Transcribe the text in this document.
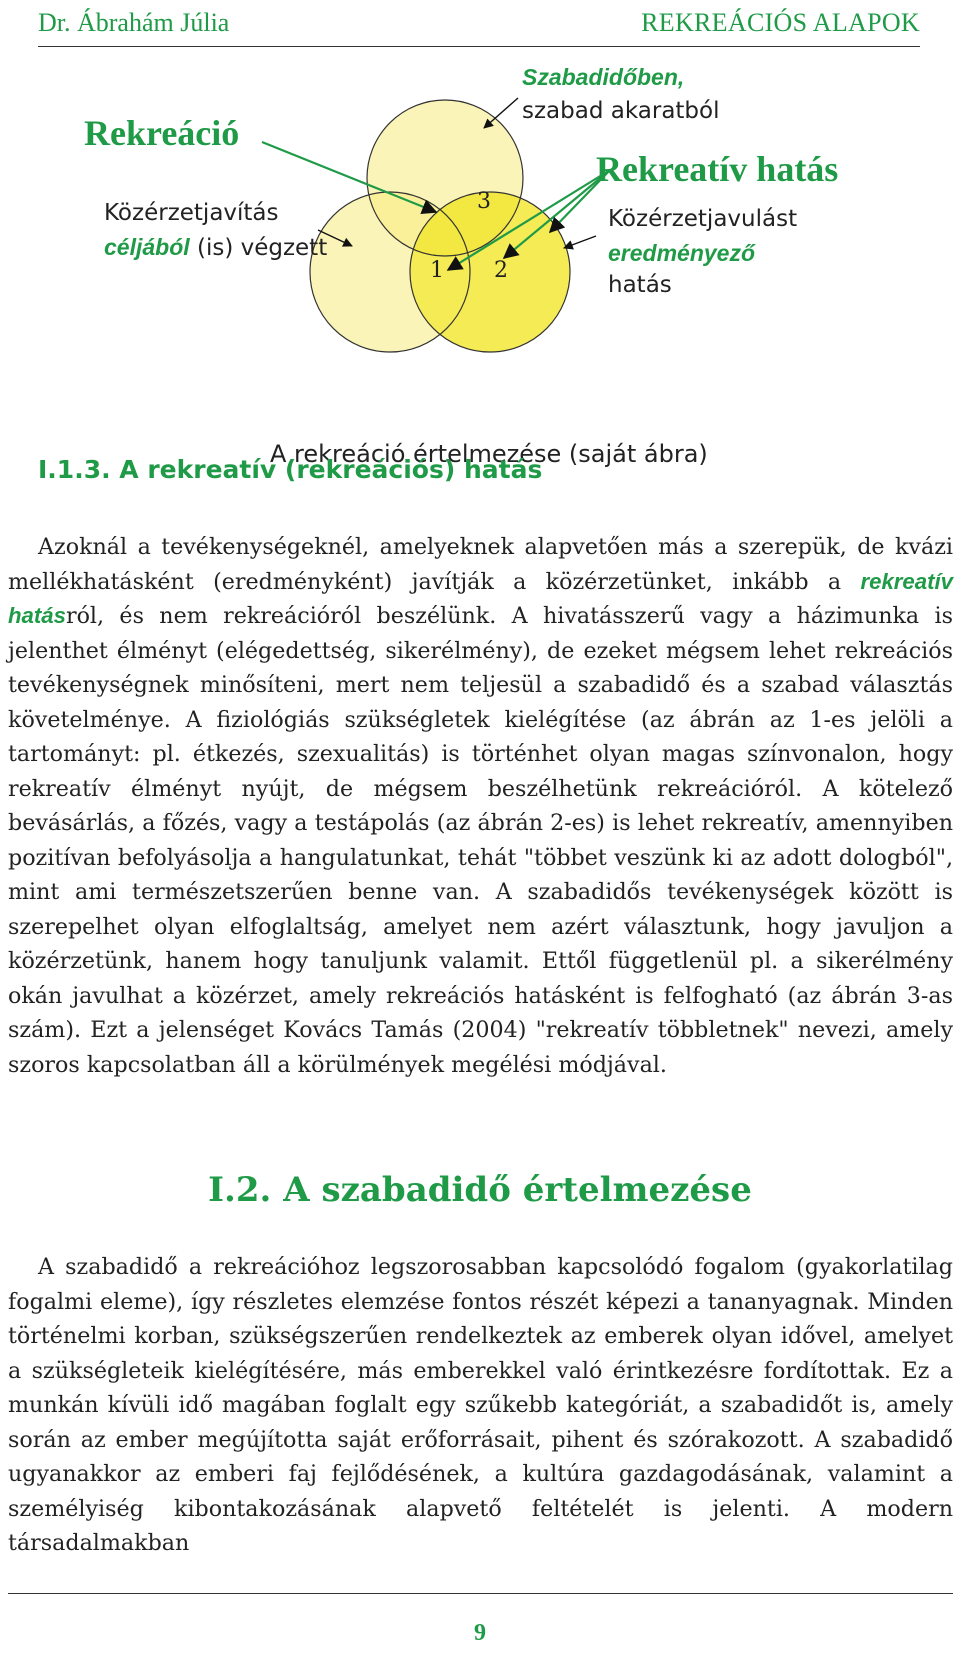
Dr. Ábrahám Júlia	REKREÁCIÓS ALAPOK
3
1 2
Rekreáció
Közérzetjavítás
céljából (is) végzett
Szabadidőben,
szabad akaratból
Rekreatív hatás
Közérzetjavulást
eredményező
hatás
A rekreáció értelmezése (saját ábra)
I.1.3. A rekreatív (rekreációs) hatás

Azoknál a tevékenységeknél, amelyeknek alapvetően más a szerepük, de kvázi mellékhatásként (eredményként) javítják a közérzetünket, inkább a rekreatív hatásról, és nem rekreációról beszélünk. A hivatásszerű vagy a házimunka is jelenthet élményt (elégedettség, sikerélmény), de ezeket mégsem lehet rekreációs tevékenységnek minősíteni, mert nem teljesül a szabadidő és a szabad választás követelménye. A fiziológiás szükségletek kielégítése (az ábrán az 1-es jelöli a tartományt: pl. étkezés, szexualitás) is történhet olyan magas színvonalon, hogy rekreatív élményt nyújt, de mégsem beszélhetünk rekreációról. A kötelező bevásárlás, a főzés, vagy a testápolás (az ábrán 2-es) is lehet rekreatív, amennyiben pozitívan befolyásolja a hangulatunkat, tehát "többet veszünk ki az adott dologból", mint ami természetszerűen benne van. A szabadidős tevékenységek között is szerepelhet olyan elfoglaltság, amelyet nem azért választunk, hogy javuljon a közérzetünk, hanem hogy tanuljunk valamit. Ettől függetlenül pl. a sikerélmény okán javulhat a közérzet, amely rekreációs hatásként is felfogható (az ábrán 3-as szám). Ezt a jelenséget Kovács Tamás (2004) "rekreatív többletnek" nevezi, amely szoros kapcsolatban áll a körülmények megélési módjával.

I.2. A szabadidő értelmezése

A szabadidő a rekreációhoz legszorosabban kapcsolódó fogalom (gyakorlatilag fogalmi eleme), így részletes elemzése fontos részét képezi a tananyagnak. Minden történelmi korban, szükségszerűen rendelkeztek az emberek olyan idővel, amelyet a szükségleteik kielégítésére, más emberekkel való érintkezésre fordítottak. Ez a munkán kívüli idő magában foglalt egy szűkebb kategóriát, a szabadidőt is, amely során az ember megújította saját erőforrásait, pihent és szórakozott. A szabadidő ugyanakkor az emberi faj fejlődésének, a kultúra gazdagodásának, valamint a személyiség kibontakozásának alapvető feltételét is jelenti. A modern társadalmakban

9
